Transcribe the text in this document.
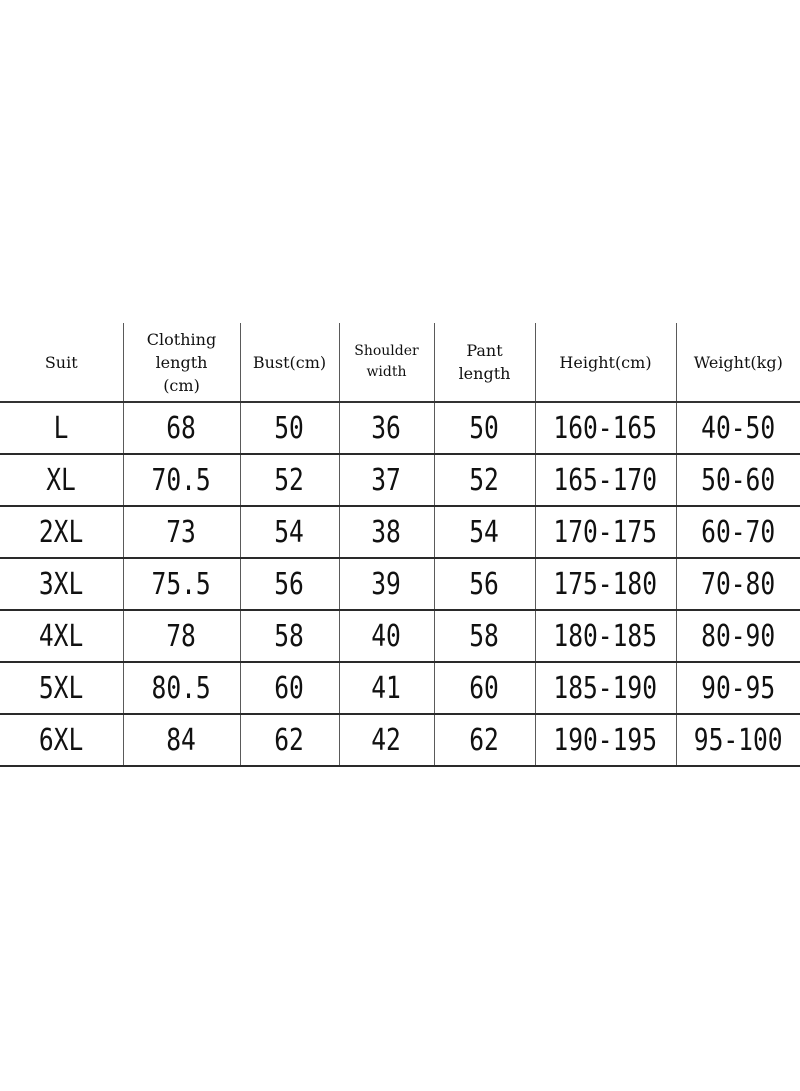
Suit	Clothing length (cm)	Bust(cm)	Shoulder width	Pant length	Height(cm)	Weight(kg)
L	68	50	36	50	160-165	40-50
XL	70.5	52	37	52	165-170	50-60
2XL	73	54	38	54	170-175	60-70
3XL	75.5	56	39	56	175-180	70-80
4XL	78	58	40	58	180-185	80-90
5XL	80.5	60	41	60	185-190	90-95
6XL	84	62	42	62	190-195	95-100
